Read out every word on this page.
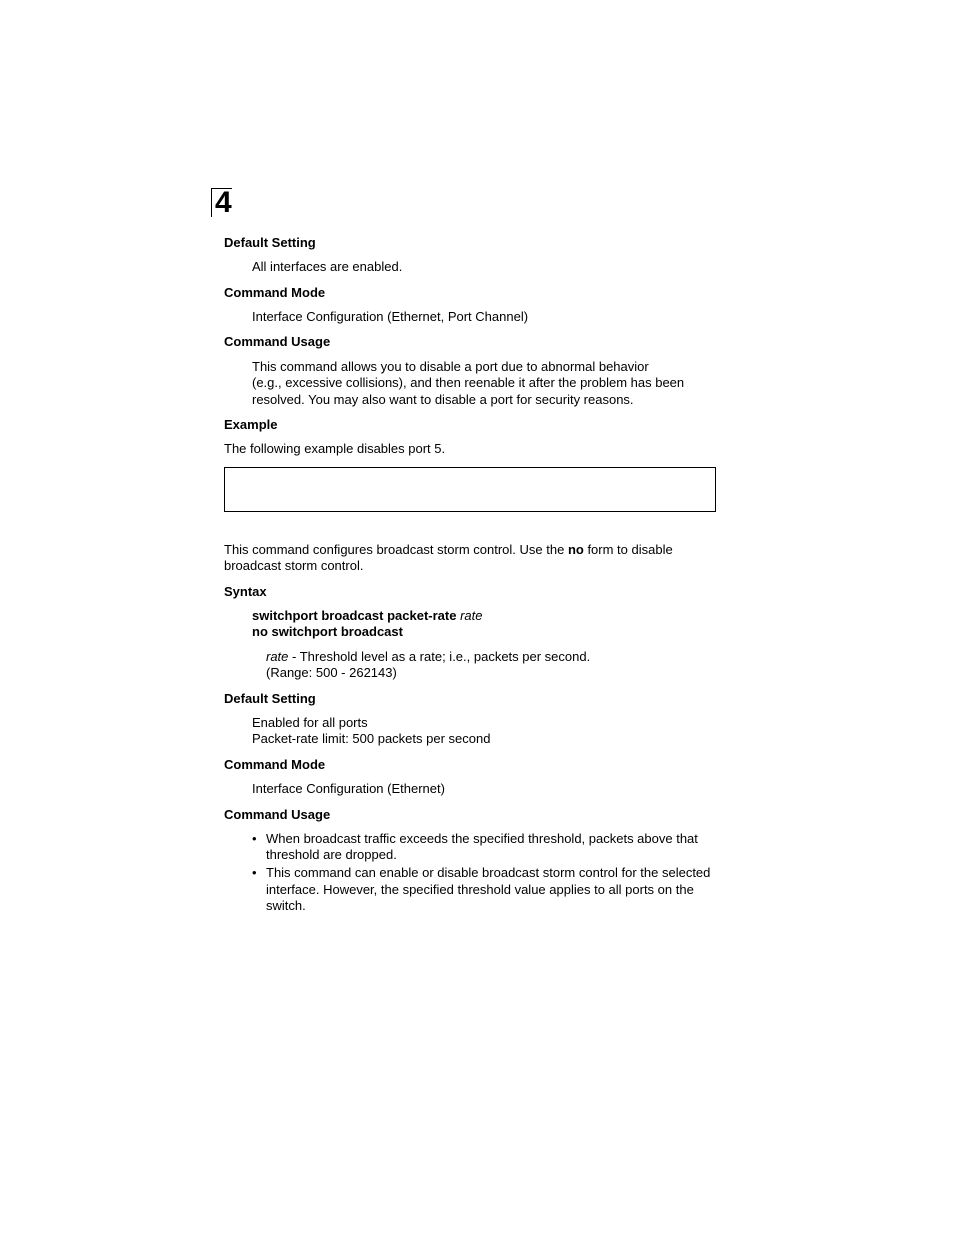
4
Default Setting
All interfaces are enabled.
Command Mode
Interface Configuration (Ethernet, Port Channel)
Command Usage
This command allows you to disable a port due to abnormal behavior
(e.g., excessive collisions), and then reenable it after the problem has been
resolved. You may also want to disable a port for security reasons.
Example
The following example disables port 5.
This command configures broadcast storm control. Use the no form to disable
broadcast storm control.
Syntax
switchport broadcast packet-rate rate
no switchport broadcast
rate - Threshold level as a rate; i.e., packets per second.
(Range: 500 - 262143)
Default Setting
Enabled for all ports
Packet-rate limit: 500 packets per second
Command Mode
Interface Configuration (Ethernet)
Command Usage
• When broadcast traffic exceeds the specified threshold, packets above that
threshold are dropped.
• This command can enable or disable broadcast storm control for the selected
interface. However, the specified threshold value applies to all ports on the
switch.
